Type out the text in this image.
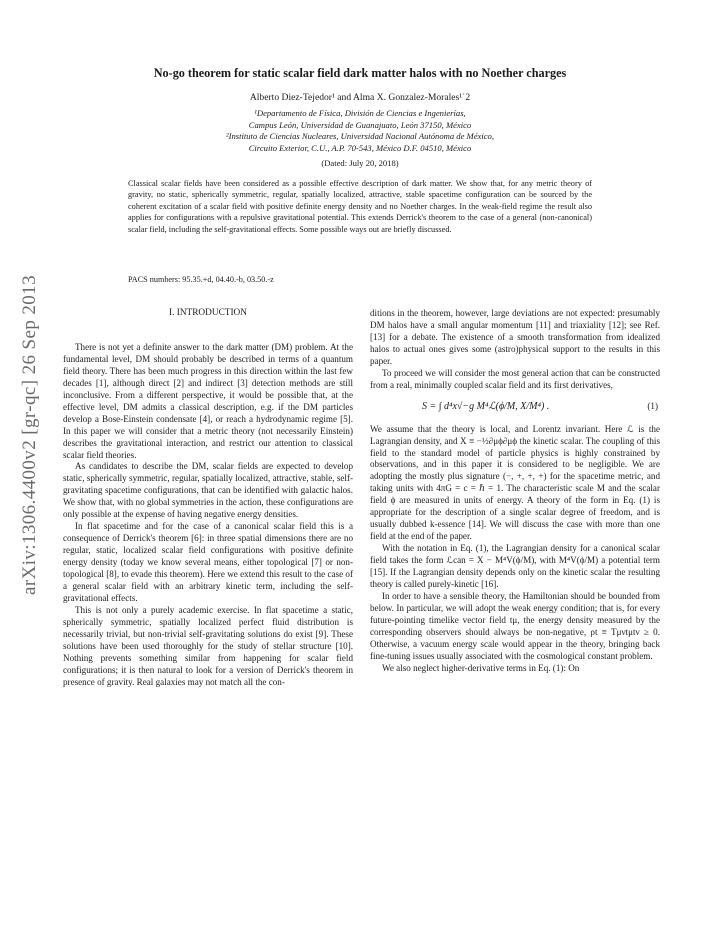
arXiv:1306.4400v2 [gr-qc] 26 Sep 2013
No-go theorem for static scalar field dark matter halos with no Noether charges
Alberto Diez-Tejedor¹ and Alma X. Gonzalez-Morales¹˙2
¹Departamento de Física, División de Ciencias e Ingenierías,
Campus León, Universidad de Guanajuato, León 37150, México
²Instituto de Ciencias Nucleares, Universidad Nacional Autónoma de México,
Circuito Exterior, C.U., A.P. 70-543, México D.F. 04510, México
(Dated: July 20, 2018)
Classical scalar fields have been considered as a possible effective description of dark matter. We show that, for any metric theory of gravity, no static, spherically symmetric, regular, spatially localized, attractive, stable spacetime configuration can be sourced by the coherent excitation of a scalar field with positive definite energy density and no Noether charges. In the weak-field regime the result also applies for configurations with a repulsive gravitational potential. This extends Derrick's theorem to the case of a general (non-canonical) scalar field, including the self-gravitational effects. Some possible ways out are briefly discussed.
PACS numbers: 95.35.+d, 04.40.-b, 03.50.-z
I. INTRODUCTION

There is not yet a definite answer to the dark matter (DM) problem. At the fundamental level, DM should probably be described in terms of a quantum field theory. There has been much progress in this direction within the last few decades [1], although direct [2] and indirect [3] detection methods are still inconclusive. From a different perspective, it would be possible that, at the effective level, DM admits a classical description, e.g. if the DM particles develop a Bose-Einstein condensate [4], or reach a hydrodynamic regime [5]. In this paper we will consider that a metric theory (not necessarily Einstein) describes the gravitational interaction, and restrict our attention to classical scalar field theories.

As candidates to describe the DM, scalar fields are expected to develop static, spherically symmetric, regular, spatially localized, attractive, stable, self-gravitating spacetime configurations, that can be identified with galactic halos. We show that, with no global symmetries in the action, these configurations are only possible at the expense of having negative energy densities.

In flat spacetime and for the case of a canonical scalar field this is a consequence of Derrick's theorem [6]: in three spatial dimensions there are no regular, static, localized scalar field configurations with positive definite energy density (today we know several means, either topological [7] or non-topological [8], to evade this theorem). Here we extend this result to the case of a general scalar field with an arbitrary kinetic term, including the self-gravitational effects.

This is not only a purely academic exercise. In flat spacetime a static, spherically symmetric, spatially localized perfect fluid distribution is necessarily trivial, but non-trivial self-gravitating solutions do exist [9]. These solutions have been used thoroughly for the study of stellar structure [10]. Nothing prevents something similar from happening for scalar field configurations; it is then natural to look for a version of Derrick's theorem in presence of gravity. Real galaxies may not match all the con-

ditions in the theorem, however, large deviations are not expected: presumably DM halos have a small angular momentum [11] and triaxiality [12]; see Ref. [13] for a debate. The existence of a smooth transformation from idealized halos to actual ones gives some (astro)physical support to the results in this paper.

To proceed we will consider the most general action that can be constructed from a real, minimally coupled scalar field and its first derivatives,

S = ∫ d⁴x√−g M⁴ℒ(ϕ/M, X/M⁴) .	(1)

We assume that the theory is local, and Lorentz invariant. Here ℒ is the Lagrangian density, and X ≡ −½∂μϕ∂μϕ the kinetic scalar. The coupling of this field to the standard model of particle physics is highly constrained by observations, and in this paper it is considered to be negligible. We are adopting the mostly plus signature (−, +, +, +) for the spacetime metric, and taking units with 4πG = c = ℏ = 1. The characteristic scale M and the scalar field ϕ are measured in units of energy. A theory of the form in Eq. (1) is appropriate for the description of a single scalar degree of freedom, and is usually dubbed k-essence [14]. We will discuss the case with more than one field at the end of the paper.

With the notation in Eq. (1), the Lagrangian density for a canonical scalar field takes the form ℒcan = X − M⁴V(ϕ/M), with M⁴V(ϕ/M) a potential term [15]. If the Lagrangian density depends only on the kinetic scalar the resulting theory is called purely-kinetic [16].

In order to have a sensible theory, the Hamiltonian should be bounded from below. In particular, we will adopt the weak energy condition; that is, for every future-pointing timelike vector field tμ, the energy density measured by the corresponding observers should always be non-negative, ρt ≡ Tμνtμtν ≥ 0. Otherwise, a vacuum energy scale would appear in the theory, bringing back fine-tuning issues usually associated with the cosmological constant problem.

We also neglect higher-derivative terms in Eq. (1): On
